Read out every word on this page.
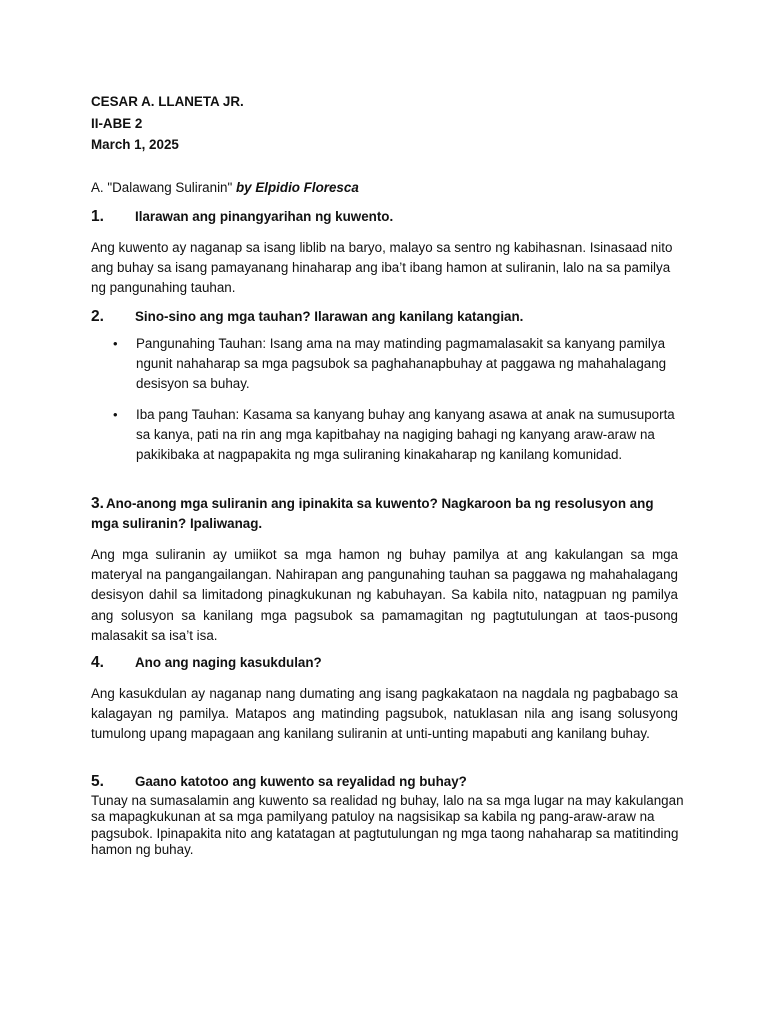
CESAR A. LLANETA JR.
II-ABE 2
March 1, 2025
A. "Dalawang Suliranin" by Elpidio Floresca
1. Ilarawan ang pinangyarihan ng kuwento.

Ang kuwento ay naganap sa isang liblib na baryo, malayo sa sentro ng kabihasnan. Isinasaad nito ang buhay sa isang pamayanang hinaharap ang iba’t ibang hamon at suliranin, lalo na sa pamilya ng pangunahing tauhan.

2. Sino-sino ang mga tauhan? Ilarawan ang kanilang katangian.
• Pangunahing Tauhan: Isang ama na may matinding pagmamalasakit sa kanyang pamilya ngunit nahaharap sa mga pagsubok sa paghahanapbuhay at paggawa ng mahahalagang desisyon sa buhay.
• Iba pang Tauhan: Kasama sa kanyang buhay ang kanyang asawa at anak na sumusuporta sa kanya, pati na rin ang mga kapitbahay na nagiging bahagi ng kanyang araw-araw na pakikibaka at nagpapakita ng mga suliraning kinakaharap ng kanilang komunidad.
3. Ano-anong mga suliranin ang ipinakita sa kuwento? Nagkaroon ba ng resolusyon ang mga suliranin? Ipaliwanag.

Ang mga suliranin ay umiikot sa mga hamon ng buhay pamilya at ang kakulangan sa mga materyal na pangangailangan. Nahirapan ang pangunahing tauhan sa paggawa ng mahahalagang desisyon dahil sa limitadong pinagkukunan ng kabuhayan. Sa kabila nito, natagpuan ng pamilya ang solusyon sa kanilang mga pagsubok sa pamamagitan ng pagtutulungan at taos-pusong malasakit sa isa’t isa.

4. Ano ang naging kasukdulan?

Ang kasukdulan ay naganap nang dumating ang isang pagkakataon na nagdala ng pagbabago sa kalagayan ng pamilya. Matapos ang matinding pagsubok, natuklasan nila ang isang solusyong tumulong upang mapagaan ang kanilang suliranin at unti-unting mapabuti ang kanilang buhay.

5. Gaano katotoo ang kuwento sa reyalidad ng buhay?

Tunay na sumasalamin ang kuwento sa realidad ng buhay, lalo na sa mga lugar na may kakulangan sa mapagkukunan at sa mga pamilyang patuloy na nagsisikap sa kabila ng pang-araw-araw na pagsubok. Ipinapakita nito ang katatagan at pagtutulungan ng mga taong nahaharap sa matitinding hamon ng buhay.
